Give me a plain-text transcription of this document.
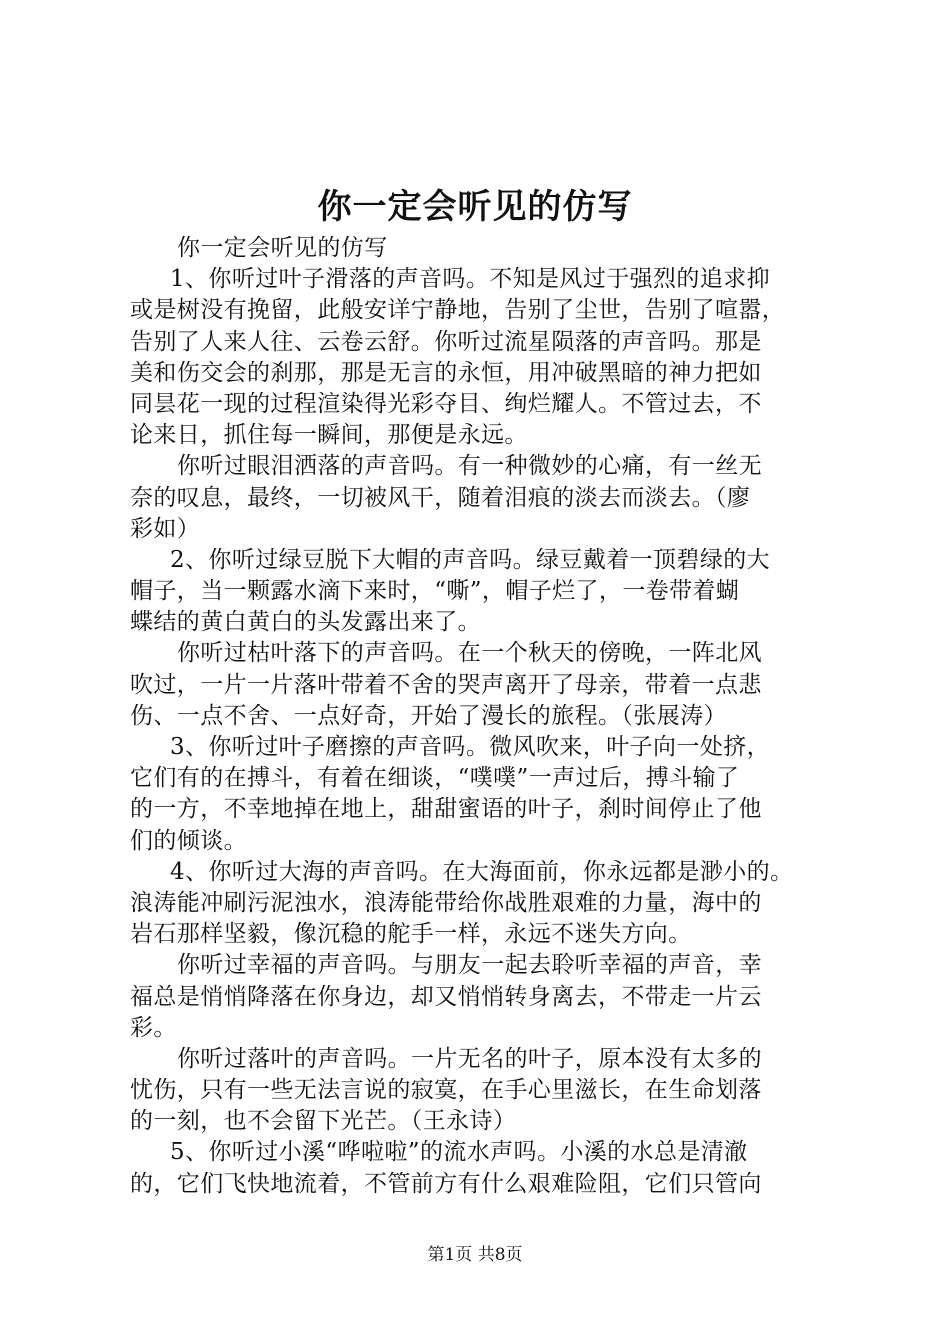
你一定会听见的仿写
你一定会听见的仿写
1、你听过叶子滑落的声音吗。不知是风过于强烈的追求抑
或是树没有挽留，此般安详宁静地，告别了尘世，告别了喧嚣，
告别了人来人往、云卷云舒。你听过流星陨落的声音吗。那是
美和伤交会的刹那，那是无言的永恒，用冲破黑暗的神力把如
同昙花一现的过程渲染得光彩夺目、绚烂耀人。不管过去，不
论来日，抓住每一瞬间，那便是永远。
你听过眼泪洒落的声音吗。有一种微妙的心痛，有一丝无
奈的叹息，最终，一切被风干，随着泪痕的淡去而淡去。（廖
彩如）
2、你听过绿豆脱下大帽的声音吗。绿豆戴着一顶碧绿的大
帽子，当一颗露水滴下来时，“嘶”，帽子烂了，一卷带着蝴
蝶结的黄白黄白的头发露出来了。
你听过枯叶落下的声音吗。在一个秋天的傍晚，一阵北风
吹过，一片一片落叶带着不舍的哭声离开了母亲，带着一点悲
伤、一点不舍、一点好奇，开始了漫长的旅程。（张展涛）
3、你听过叶子磨擦的声音吗。微风吹来，叶子向一处挤，
它们有的在搏斗，有着在细谈，“噗噗”一声过后，搏斗输了
的一方，不幸地掉在地上，甜甜蜜语的叶子，刹时间停止了他
们的倾谈。
4、你听过大海的声音吗。在大海面前，你永远都是渺小的。
浪涛能冲刷污泥浊水，浪涛能带给你战胜艰难的力量，海中的
岩石那样坚毅，像沉稳的舵手一样，永远不迷失方向。
你听过幸福的声音吗。与朋友一起去聆听幸福的声音，幸
福总是悄悄降落在你身边，却又悄悄转身离去，不带走一片云
彩。
你听过落叶的声音吗。一片无名的叶子，原本没有太多的
忧伤，只有一些无法言说的寂寞，在手心里滋长，在生命划落
的一刻，也不会留下光芒。（王永诗）
5、你听过小溪“哗啦啦”的流水声吗。小溪的水总是清澈
的，它们飞快地流着，不管前方有什么艰难险阻，它们只管向
第1页 共8页
